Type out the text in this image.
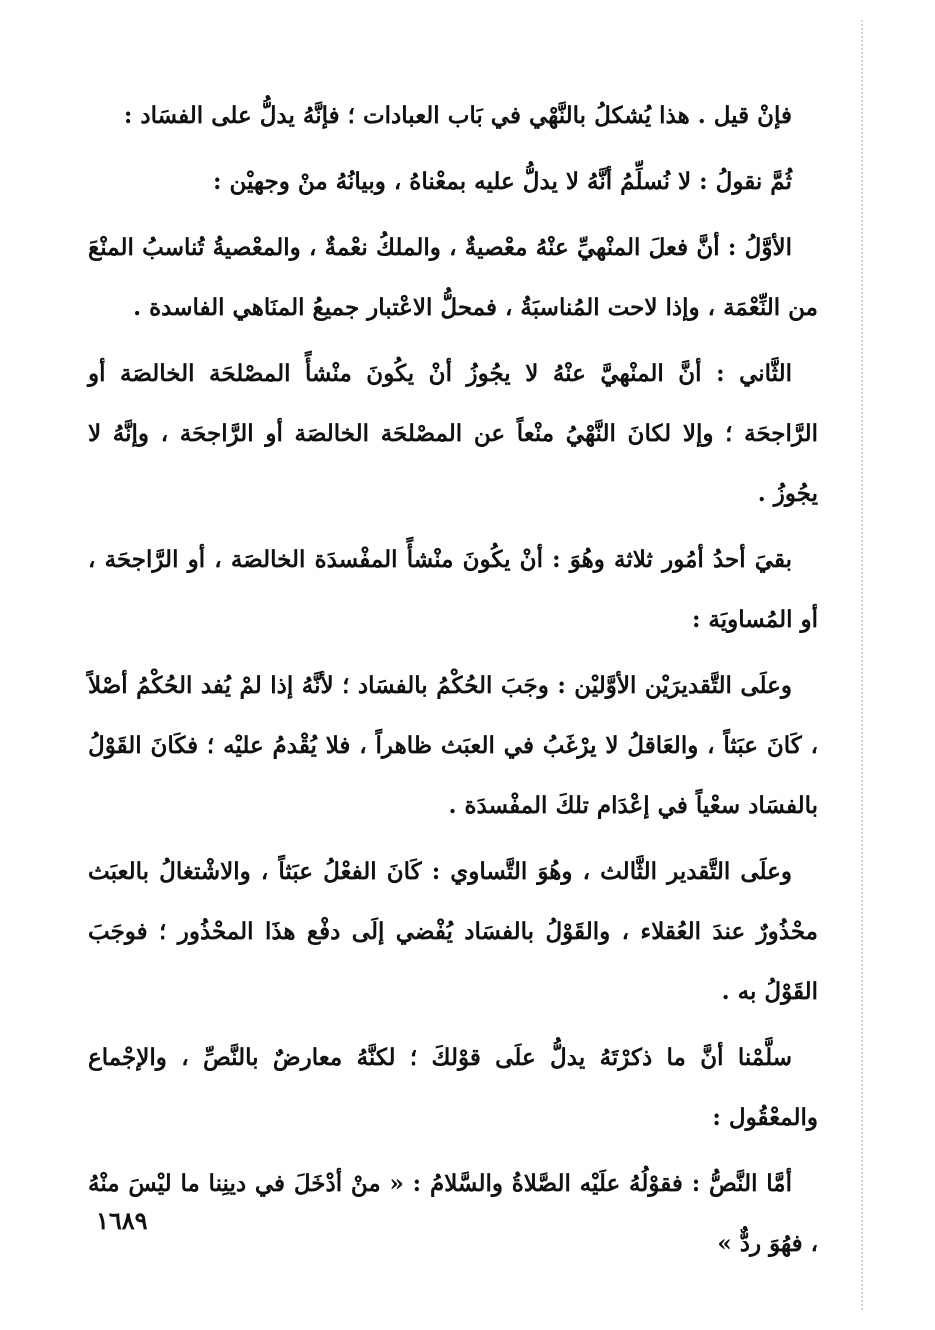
فإنْ قيل . هذا يُشكلُ بالنَّهْي في بَاب العبادات ؛ فإنَّهُ يدلُّ على الفسَاد :

ثُمَّ نقولُ : لا نُسلِّمُ أنَّهُ لا يدلُّ عليه بمعْناهُ ، وبيانُهُ منْ وجهيْن :

الأوَّلُ : أنَّ فعلَ المنْهيِّ عنْهُ معْصيةٌ ، والملكُ نعْمةٌ ، والمعْصيةُ تُناسبُ المنْعَ من النِّعْمَة ، وإذا لاحت المُناسبَةُ ، فمحلُّ الاعْتبار جميعُ المنَاهي الفاسدة .

الثَّاني : أنَّ المنْهيَّ عنْهُ لا يجُوزُ أنْ يكُونَ منْشأً المصْلحَة الخالصَة أو الرَّاجحَة ؛ وإلا لكانَ النَّهْيُ منْعاً عن المصْلحَة الخالصَة أو الرَّاجحَة ، وإنَّهُ لا يجُوزُ .

بقيَ أحدُ أمُور ثلاثة وهُوَ : أنْ يكُونَ منْشأً المفْسدَة الخالصَة ، أو الرَّاجحَة ، أو المُساويَة :

وعلَى التَّقديرَيْن الأوَّليْن : وجَبَ الحُكْمُ بالفسَاد ؛ لأنَّهُ إذا لمْ يُفد الحُكْمُ أصْلاً ، كَانَ عبَثاً ، والعَاقلُ لا يرْغَبُ في العبَث ظاهراً ، فلا يُقْدمُ عليْه ؛ فكَانَ القَوْلُ بالفسَاد سعْياً في إعْدَام تلكَ المفْسدَة .

وعلَى التَّقدير الثَّالث ، وهُوَ التَّساوي : كَانَ الفعْلُ عبَثاً ، والاشْتغالُ بالعبَث محْذُورٌ عندَ العُقلاء ، والقَوْلُ بالفسَاد يُفْضي إلَى دفْع هذَا المحْذُور ؛ فوجَبَ القَوْلُ به .

سلَّمْنا أنَّ ما ذكرْتَهُ يدلُّ علَى قوْلكَ ؛ لكنَّهُ معارضٌ بالنَّصِّ ، والإجْماع والمعْقُول :

أمَّا النَّصُّ : فقوْلُهُ علَيْه الصَّلاةُ والسَّلامُ : « منْ أدْخَلَ في دينِنا ما ليْسَ منْهُ ، فهُوَ ردٌّ »

١٦٨٩
